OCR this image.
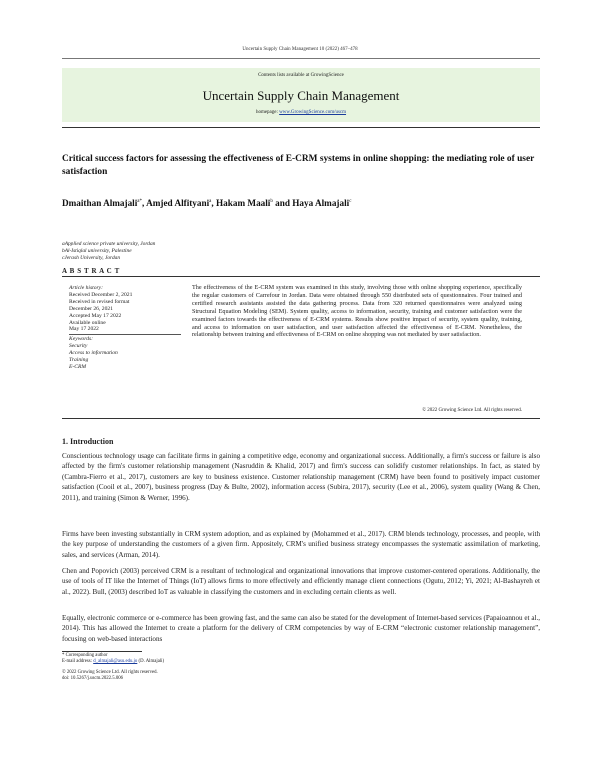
Uncertain Supply Chain Management 10 (2022) 467–478
Contents lists available at GrowingScience
Uncertain Supply Chain Management
homepage: www.GrowingScience.com/uscm
Critical success factors for assessing the effectiveness of E-CRM systems in online shopping: the mediating role of user satisfaction
Dmaithan Almajali$^{a*}$, Amjed Alfityani$^a$, Hakam Maali$^b$ and Haya Almajali$^c$
aApplied science private university, Jordan
bAl-Istiqlal university, Palestine
cJerash University, Jordan
A B S T R A C T
Article history:
Received December 2, 2021
Received in revised format
December 26, 2021
Accepted May 17 2022
Available online
May 17 2022
Keywords:
Security
Access to information
Training
E-CRM
The effectiveness of the E-CRM system was examined in this study, involving those with online shopping experience, specifically the regular customers of Carrefour in Jordan. Data were obtained through 550 distributed sets of questionnaires. Four trained and certified research assistants assisted the data gathering process. Data from 320 returned questionnaires were analyzed using Structural Equation Modeling (SEM). System quality, access to information, security, training and customer satisfaction were the examined factors towards the effectiveness of E-CRM systems. Results show positive impact of security, system quality, training, and access to information on user satisfaction, and user satisfaction affected the effectiveness of E-CRM. Nonetheless, the relationship between training and effectiveness of E-CRM on online shopping was not mediated by user satisfaction.
© 2022 Growing Science Ltd. All rights reserved.
1. Introduction
Conscientious technology usage can facilitate firms in gaining a competitive edge, economy and organizational success. Additionally, a firm's success or failure is also affected by the firm's customer relationship management (Nasruddin & Khalid, 2017) and firm's success can solidify customer relationships. In fact, as stated by (Cambra-Fierro et al., 2017), customers are key to business existence. Customer relationship management (CRM) have been found to positively impact customer satisfaction (Cooil et al., 2007), business progress (Day & Bulte, 2002), information access (Subira, 2017), security (Lee et al., 2006), system quality (Wang & Chen, 2011), and training (Simon & Werner, 1996).
Firms have been investing substantially in CRM system adoption, and as explained by (Mohammed et al., 2017). CRM blends technology, processes, and people, with the key purpose of understanding the customers of a given firm. Appositely, CRM's unified business strategy encompasses the systematic assimilation of marketing, sales, and services (Arman, 2014).
Chen and Popovich (2003) perceived CRM is a resultant of technological and organizational innovations that improve customer-centered operations. Additionally, the use of tools of IT like the Internet of Things (IoT) allows firms to more effectively and efficiently manage client connections (Ogutu, 2012; Yi, 2021; Al-Bashayreh et al., 2022). Bull, (2003) described IoT as valuable in classifying the customers and in excluding certain clients as well.
Equally, electronic commerce or e-commerce has been growing fast, and the same can also be stated for the development of Internet-based services (Papaioannou et al., 2014). This has allowed the Internet to create a platform for the delivery of CRM competencies by way of E-CRM “electronic customer relationship management”, focusing on web-based interactions
* Corresponding author
E-mail address: d_almajali@asu.edu.jo (D. Almajali)
© 2022 Growing Science Ltd. All rights reserved.
doi: 10.5267/j.uscm.2022.5.006
